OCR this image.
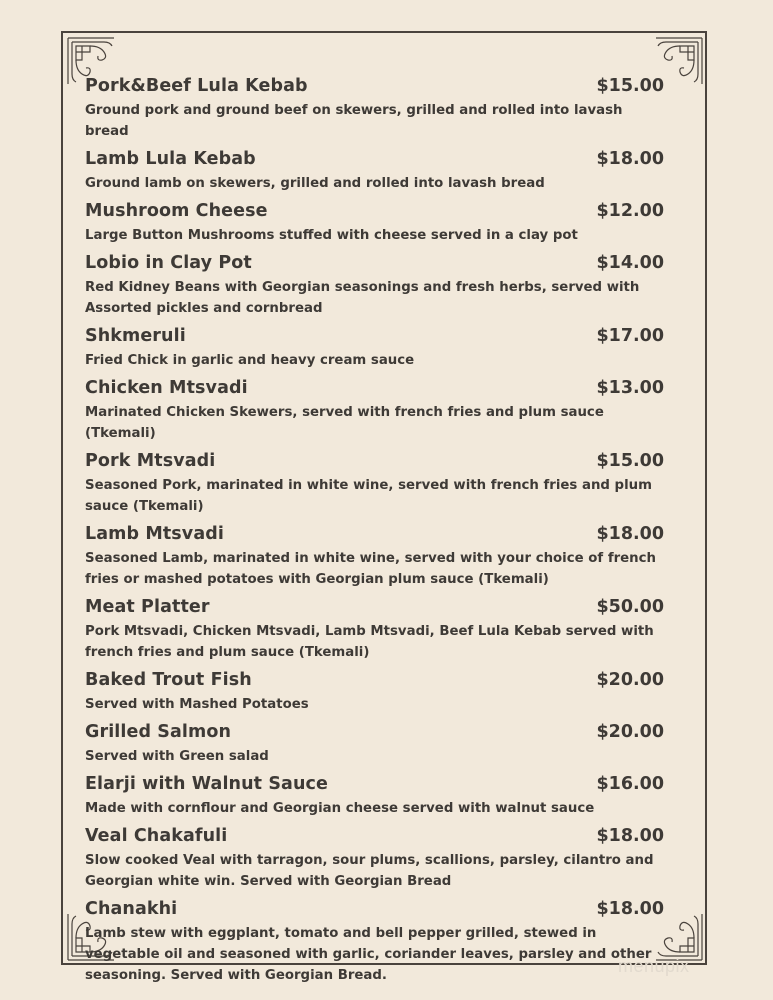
Pork&Beef Lula Kebab	$15.00
Ground pork and ground beef on skewers, grilled and rolled into lavash bread
Lamb Lula Kebab	$18.00
Ground lamb on skewers, grilled and rolled into lavash bread
Mushroom Cheese	$12.00
Large Button Mushrooms stuffed with cheese served in a clay pot
Lobio in Clay Pot	$14.00
Red Kidney Beans with Georgian seasonings and fresh herbs, served with Assorted pickles and cornbread
Shkmeruli	$17.00
Fried Chick in garlic and heavy cream sauce
Chicken Mtsvadi	$13.00
Marinated Chicken Skewers, served with french fries and plum sauce (Tkemali)
Pork Mtsvadi	$15.00
Seasoned Pork, marinated in white wine, served with french fries and plum sauce (Tkemali)
Lamb Mtsvadi	$18.00
Seasoned Lamb, marinated in white wine, served with your choice of french fries or mashed potatoes with Georgian plum sauce (Tkemali)
Meat Platter	$50.00
Pork Mtsvadi, Chicken Mtsvadi, Lamb Mtsvadi, Beef Lula Kebab served with french fries and plum sauce (Tkemali)
Baked Trout Fish	$20.00
Served with Mashed Potatoes
Grilled Salmon	$20.00
Served with Green salad
Elarji with Walnut Sauce	$16.00
Made with cornflour and Georgian cheese served with walnut sauce
Veal Chakafuli	$18.00
Slow cooked Veal with tarragon, sour plums, scallions, parsley, cilantro and Georgian white win. Served with Georgian Bread
Chanakhi	$18.00
Lamb stew with eggplant, tomato and bell pepper grilled, stewed in vegetable oil and seasoned with garlic, coriander leaves, parsley and other seasoning. Served with Georgian Bread.	menupix
